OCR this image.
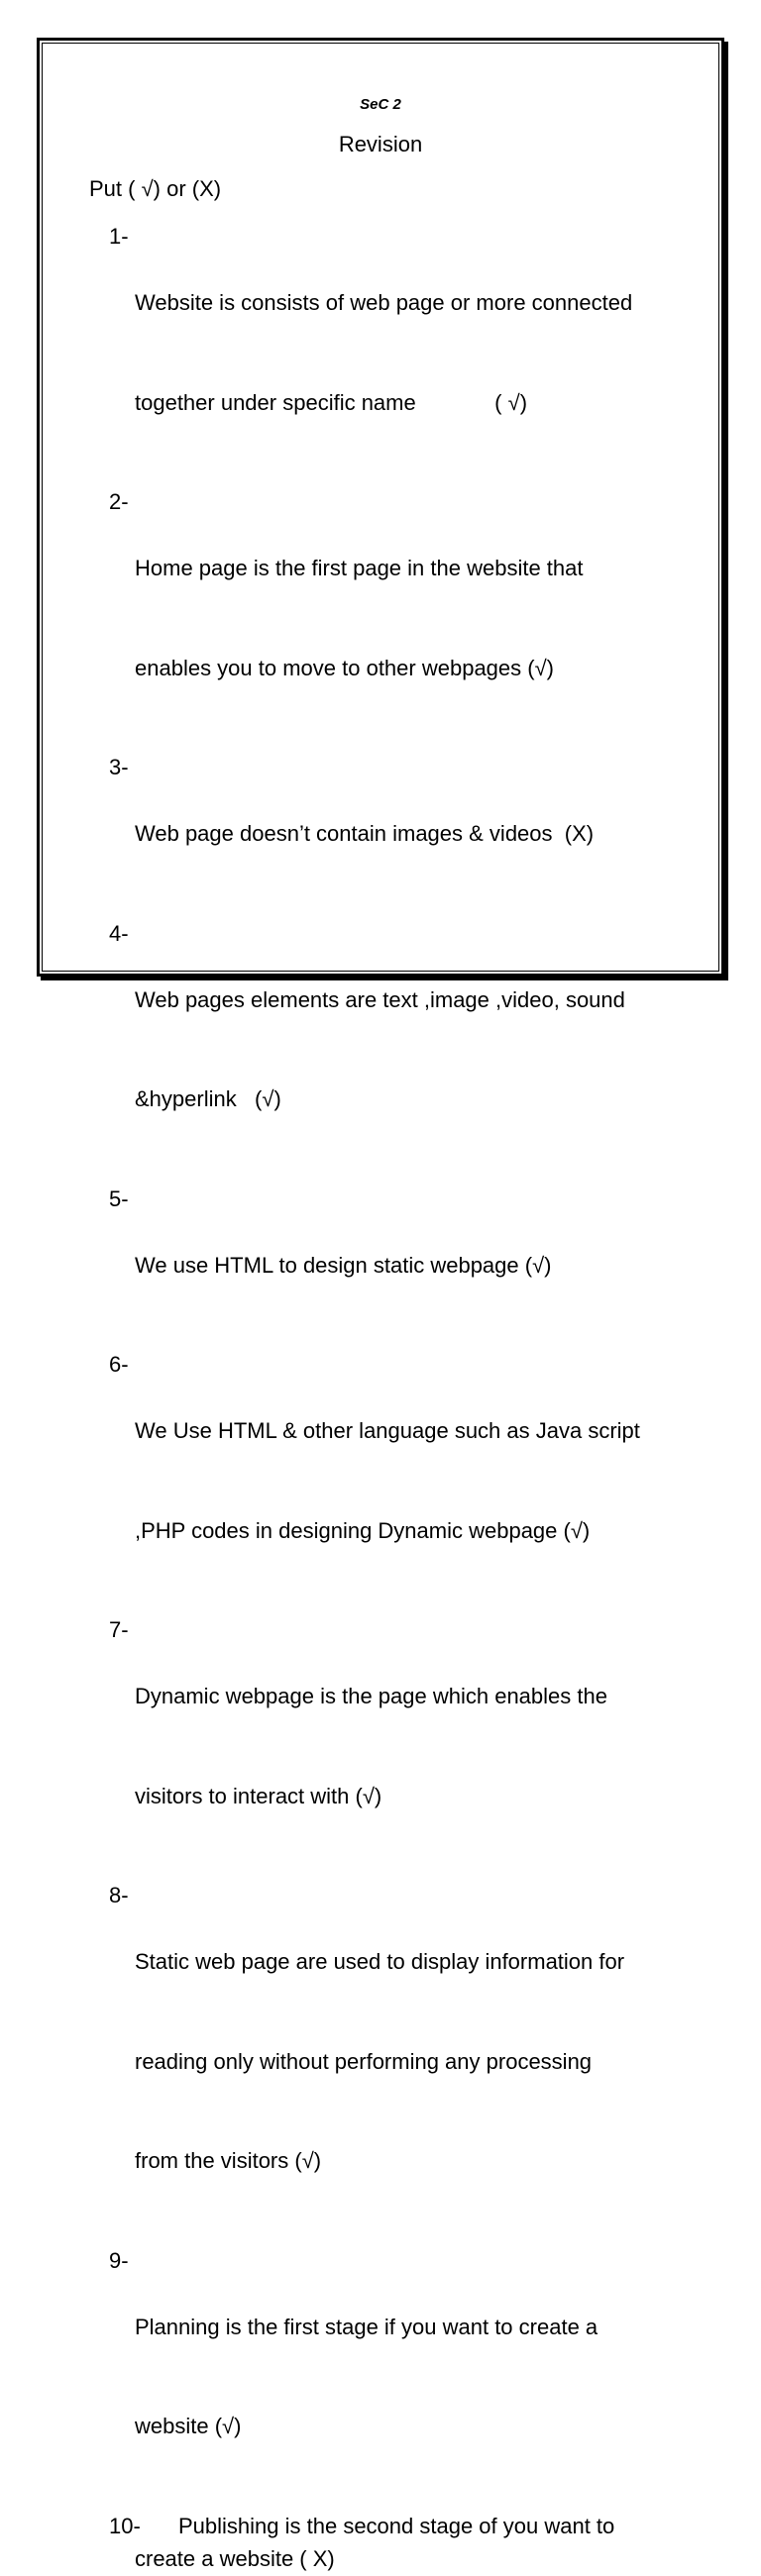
SeC 2
Revision
Put ( √) or (X)
1-

Website is consists of web page or more connected

together under specific name             ( √)

2-

Home page is the first page in the website that

enables you to move to other webpages (√)

3-

Web page doesn’t contain images & videos  (X)

4-

Web pages elements are text ,image ,video, sound

&hyperlink   (√)

5-

We use HTML to design static webpage (√)

6-

We Use HTML & other language such as Java script

,PHP codes in designing Dynamic webpage (√)

7-

Dynamic webpage is the page which enables the

visitors to interact with (√)

8-

Static web page are used to display information for

reading only without performing any processing

from the visitors (√)

9-

Planning is the first stage if you want to create a

website (√)

10-	Publishing is the second stage of you want to
create a website ( X)
